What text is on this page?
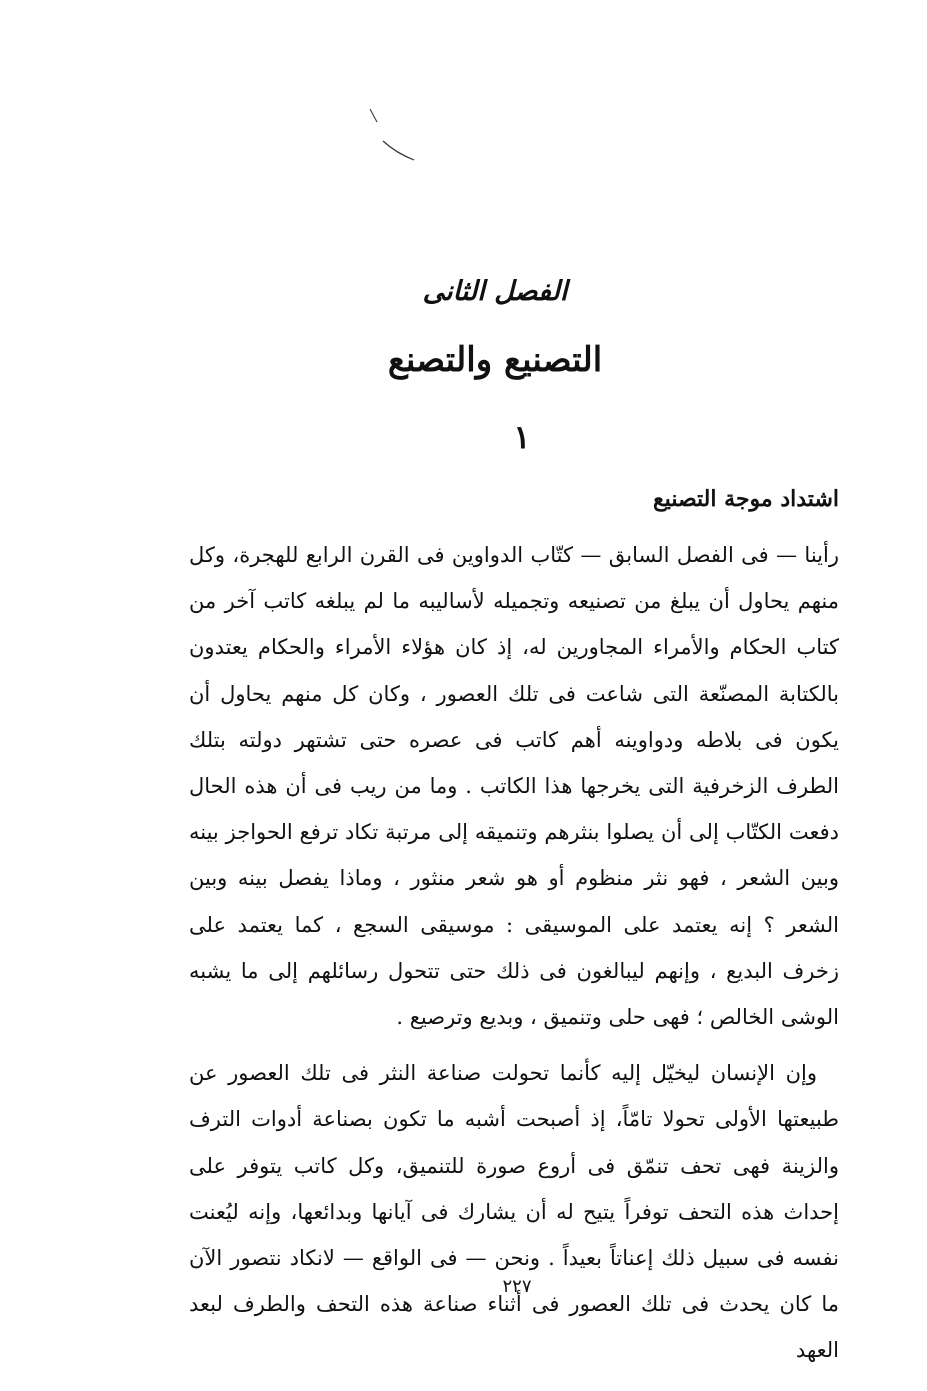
الفصل الثانى
التصنيع والتصنع
١
اشتداد موجة التصنيع

رأينا — فى الفصل السابق — كتّاب الدواوين فى القرن الرابع للهجرة، وكل منهم يحاول أن يبلغ من تصنيعه وتجميله لأساليبه ما لم يبلغه كاتب آخر من كتاب الحكام والأمراء المجاورين له، إذ كان هؤلاء الأمراء والحكام يعتدون بالكتابة المصنّعة التى شاعت فى تلك العصور ، وكان كل منهم يحاول أن يكون فى بلاطه ودواوينه أهم كاتب فى عصره حتى تشتهر دولته بتلك الطرف الزخرفية التى يخرجها هذا الكاتب . وما من ريب فى أن هذه الحال دفعت الكتّاب إلى أن يصلوا بنثرهم وتنميقه إلى مرتبة تكاد ترفع الحواجز بينه وبين الشعر ، فهو نثر منظوم أو هو شعر منثور ، وماذا يفصل بينه وبين الشعر ؟ إنه يعتمد على الموسيقى : موسيقى السجع ، كما يعتمد على زخرف البديع ، وإنهم ليبالغون فى ذلك حتى تتحول رسائلهم إلى ما يشبه الوشى الخالص ؛ فهى حلى وتنميق ، وبديع وترصيع .

وإن الإنسان ليخيّل إليه كأنما تحولت صناعة النثر فى تلك العصور عن طبيعتها الأولى تحولا تامّاً، إذ أصبحت أشبه ما تكون بصناعة أدوات الترف والزينة فهى تحف تنمّق فى أروع صورة للتنميق، وكل كاتب يتوفر على إحداث هذه التحف توفراً يتيح له أن يشارك فى آيانها وبدائعها، وإنه ليُعنت نفسه فى سبيل ذلك إعناتاً بعيداً . ونحن — فى الواقع — لانكاد نتصور الآن ما كان يحدث فى تلك العصور فى أثناء صناعة هذه التحف والطرف لبعد العهد

٢٢٧
